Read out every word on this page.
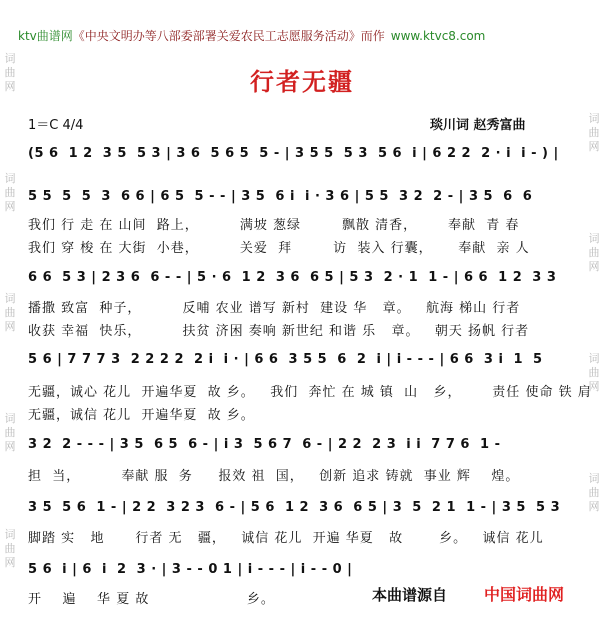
词曲网
词曲网
词曲网
词曲网
词曲网
词曲网
词曲网
词曲网
词曲网
ktv曲谱网《中央文明办等八部委部署关爱农民工志愿服务活动》而作 www.ktvc8.com
行者无疆
1＝C 4/4	琰川词 赵秀富曲
(5 6  1 2  3 5  5 3 | 3 6  5 6 5  5 - | 3 5 5  5 3  5 6  i | 6 2 2  2 · i  i - ) |
5 5  5  5  3  6 6 | 6 5  5 - - | 3 5  6 i  i · 3 6 | 5 5  3 2  2 - | 3 5  6  6
我们 行 走 在 山间  路上，        满坡 葱绿        飘散 清香，      奉献  青 春
我们 穿 梭 在 大街  小巷，        关爱  拜        访  装入 行囊，     奉献  亲 人
6 6  5 3 | 2 3 6  6 - - | 5 · 6  1 2  3 6  6 5 | 5 3  2 · 1  1 - | 6 6  1 2  3 3
播撒 致富  种子，        反哺 农业 谱写 新村  建设 华   章。   航海 梯山 行者
收获 幸福  快乐，        扶贫 济困 奏响 新世纪 和谐 乐   章。   朝天 扬帆 行者
5 6 | 7 7 7 3  2 2 2 2  2 i  i · | 6 6  3 5 5  6  2  i | i - - - | 6 6  3 i  1  5
无疆，诚心 花儿  开遍华夏  故 乡。   我们  奔忙 在 城 镇  山   乡，      责任 使命 铁 肩
无疆，诚信 花儿  开遍华夏  故 乡。
3 2  2 - - - | 3 5  6 5  6 - | i 3  5 6 7  6 - | 2 2  2 3  i i  7 7 6  1 -
担  当，        奉献 服  务     报效 祖  国，   创新 追求 铸就  事业 辉    煌。
3 5  5 6  1 - | 2 2  3 2 3  6 - | 5 6  1 2  3 6  6 5 | 3  5  2 1  1 - | 3 5  5 3
脚踏 实   地      行者 无   疆，   诚信 花儿  开遍 华夏   故       乡。   诚信 花儿
5 6  i | 6  i  2  3 · | 3 - - 0 1 | i - - - | i - - 0 |
开    遍    华 夏 故                   乡。	本曲谱源自 中国词曲网
